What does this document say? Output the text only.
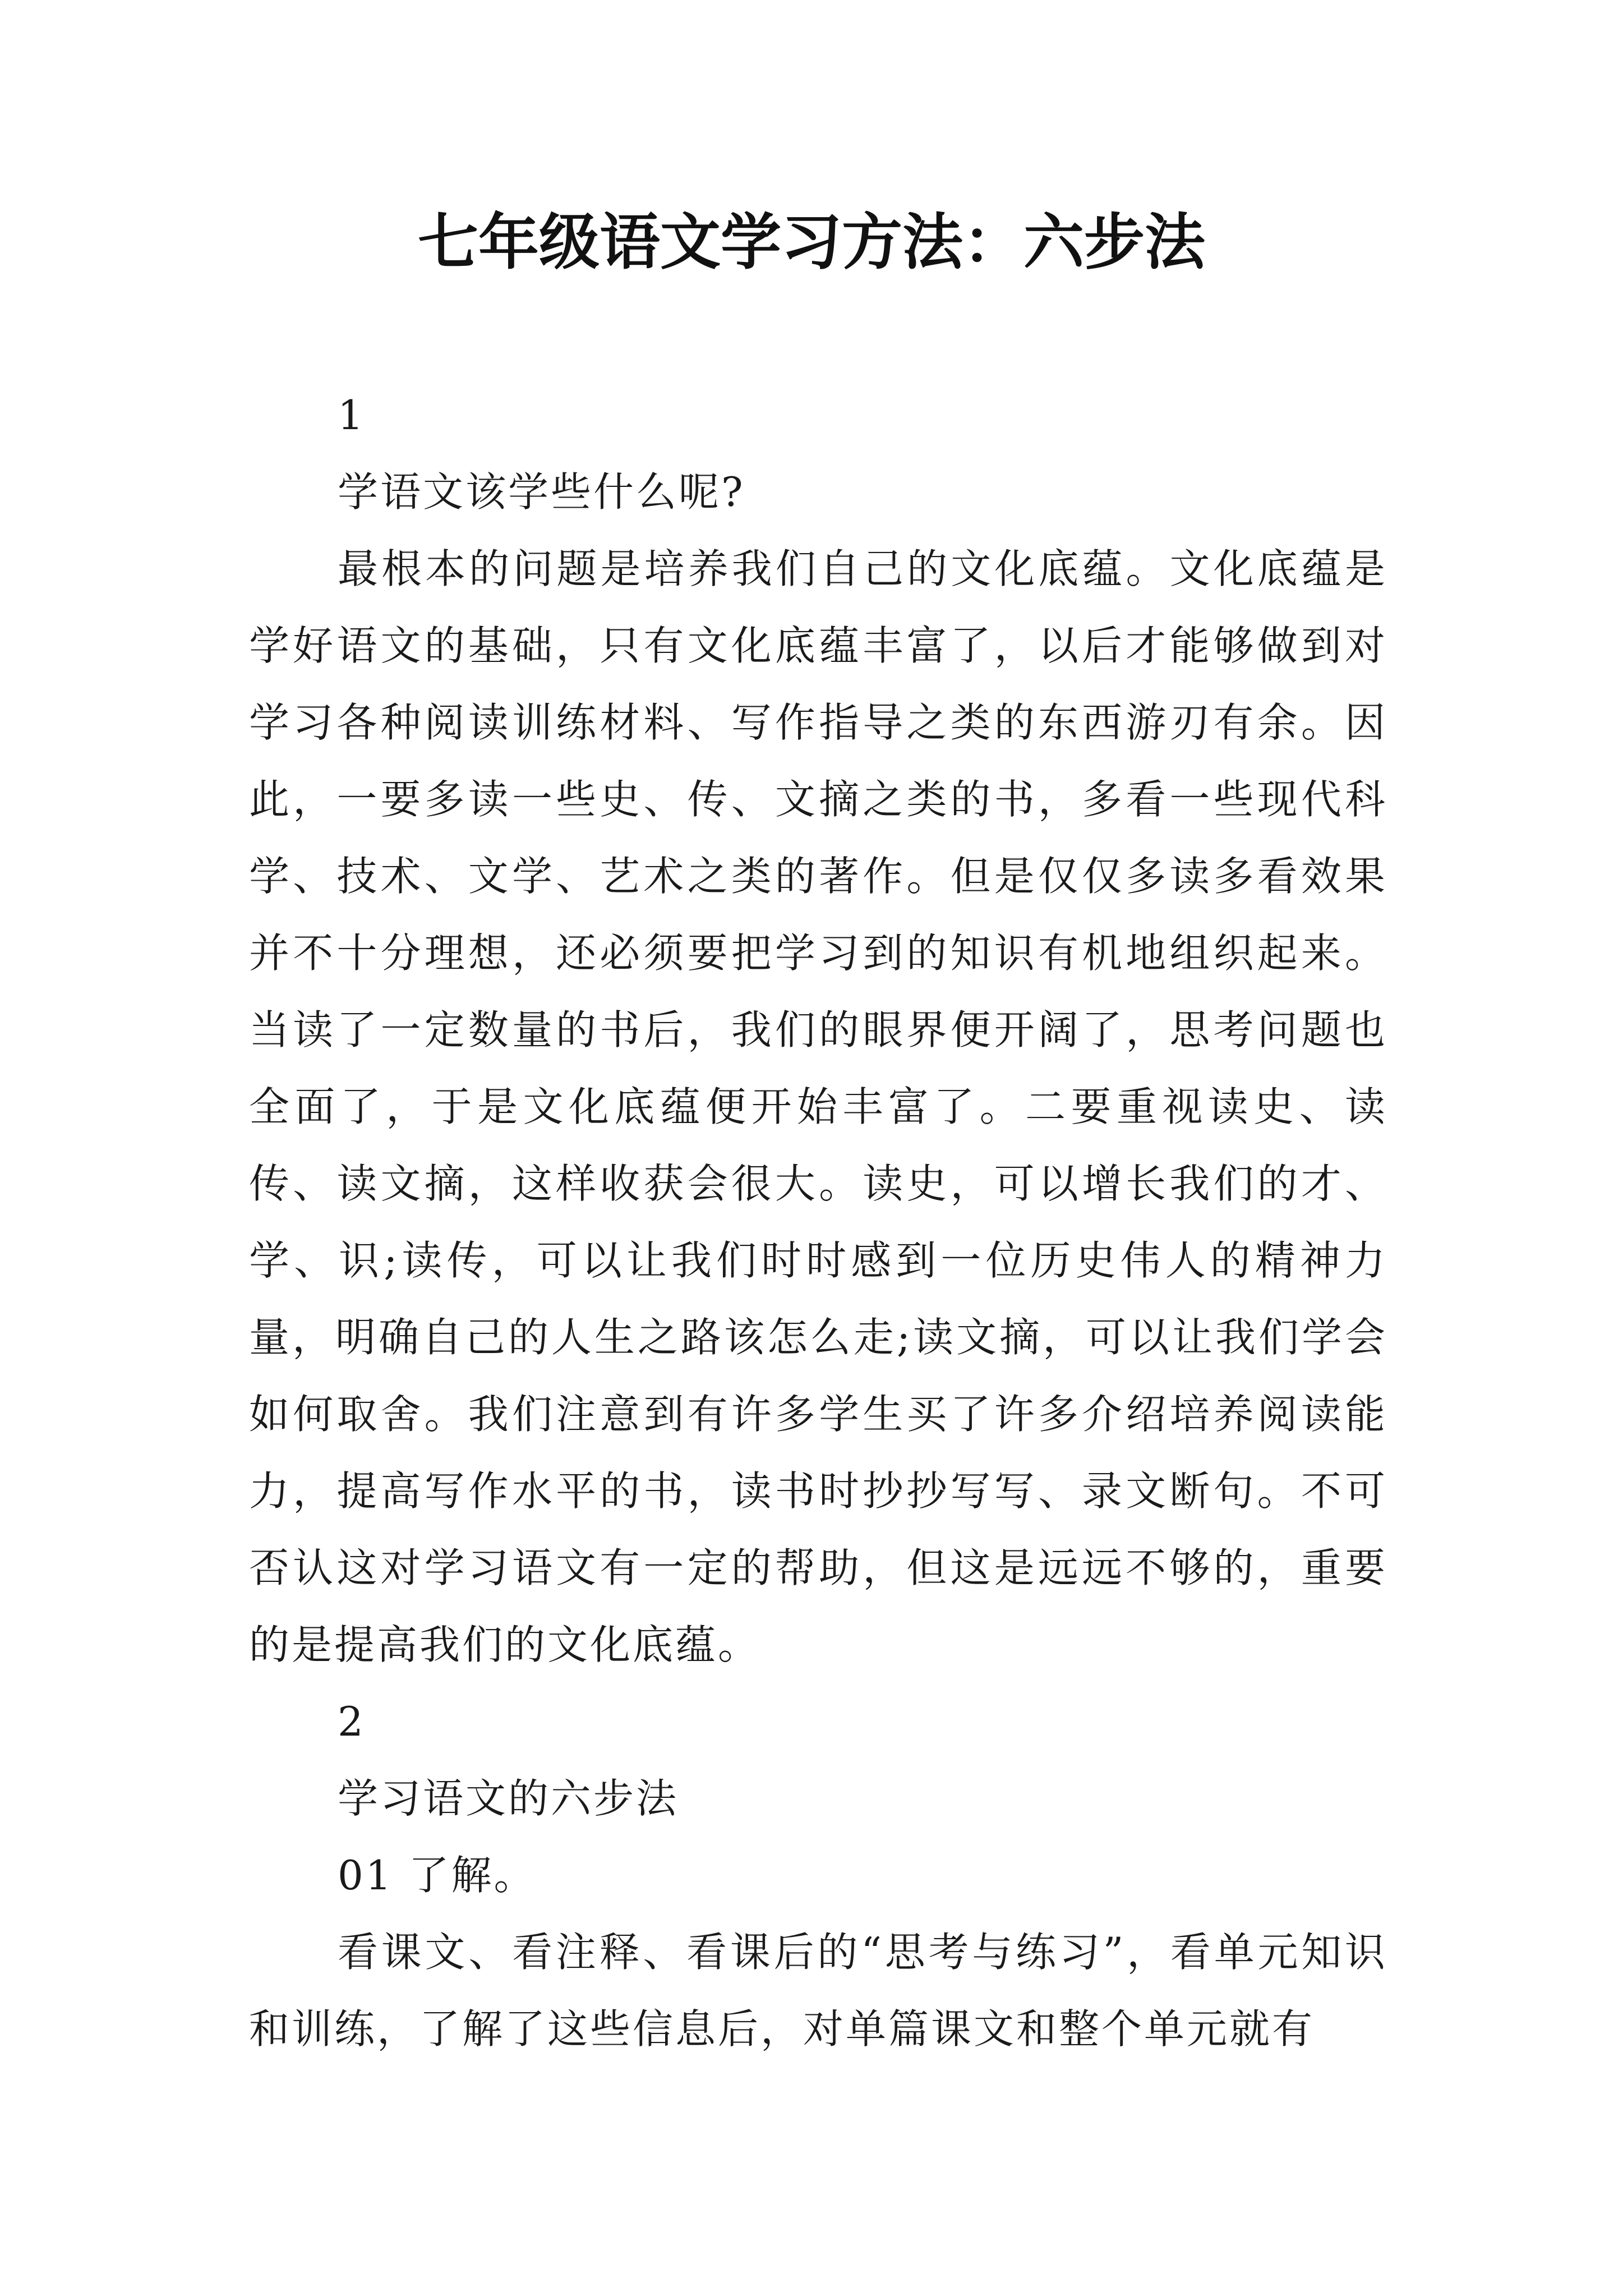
七年级语文学习方法：六步法

1

学语文该学些什么呢?

最根本的问题是培养我们自己的文化底蕴。文化底蕴是学好语文的基础，只有文化底蕴丰富了，以后才能够做到对学习各种阅读训练材料、写作指导之类的东西游刃有余。因此，一要多读一些史、传、文摘之类的书，多看一些现代科学、技术、文学、艺术之类的著作。但是仅仅多读多看效果并不十分理想，还必须要把学习到的知识有机地组织起来。当读了一定数量的书后，我们的眼界便开阔了，思考问题也全面了，于是文化底蕴便开始丰富了。二要重视读史、读传、读文摘，这样收获会很大。读史，可以增长我们的才、学、识;读传，可以让我们时时感到一位历史伟人的精神力量，明确自己的人生之路该怎么走;读文摘，可以让我们学会如何取舍。我们注意到有许多学生买了许多介绍培养阅读能力，提高写作水平的书，读书时抄抄写写、录文断句。不可否认这对学习语文有一定的帮助，但这是远远不够的，重要的是提高我们的文化底蕴。

2

学习语文的六步法

01 了解。

看课文、看注释、看课后的“思考与练习”，看单元知识和训练，了解了这些信息后，对单篇课文和整个单元就有
